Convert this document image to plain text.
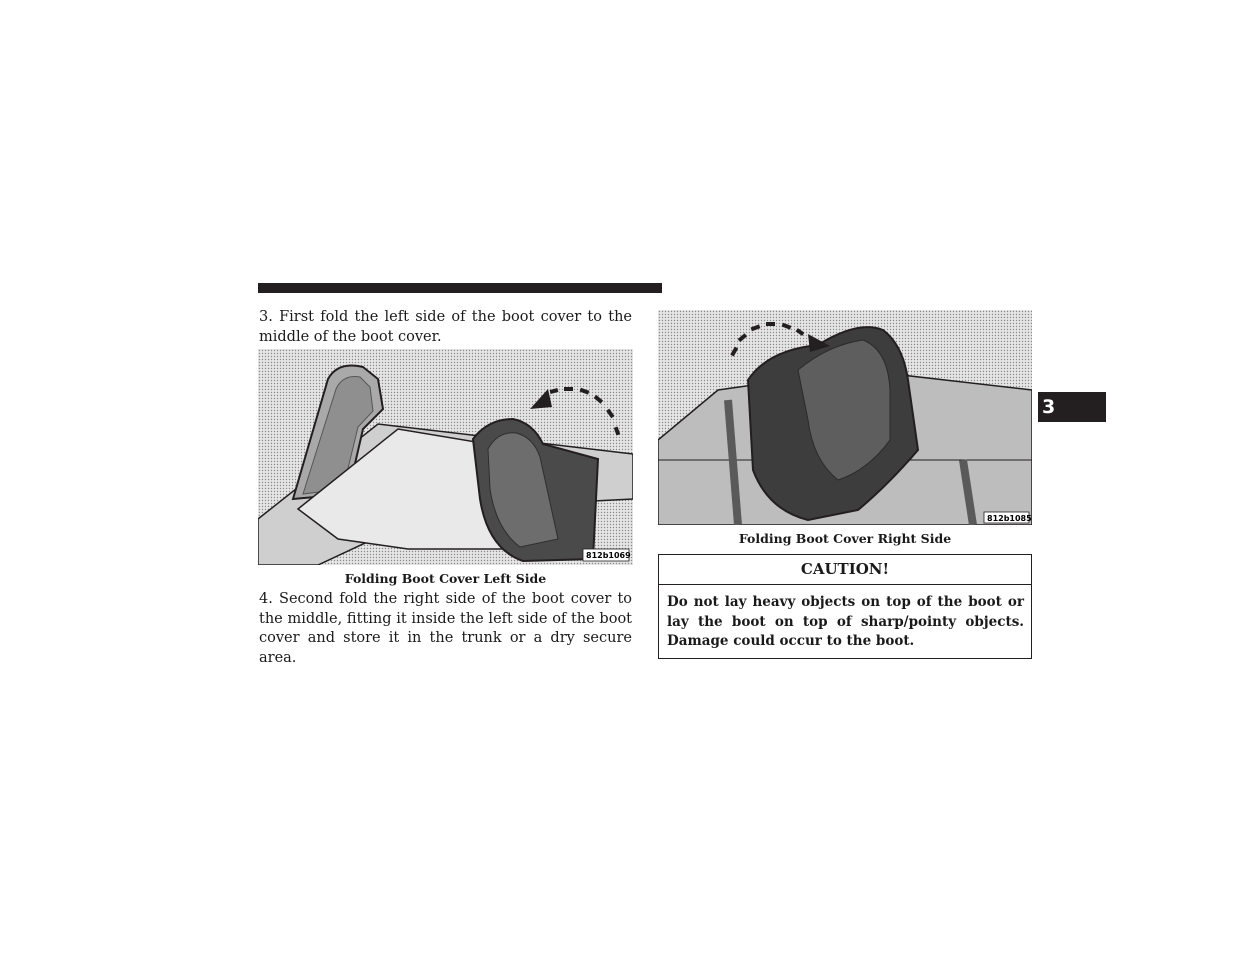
3. First fold the left side of the boot cover to the middle of the boot cover.

812b1069

Folding Boot Cover Left Side

4. Second fold the right side of the boot cover to the middle, fitting it inside the left side of the boot cover and store it in the trunk or a dry secure area.

812b1085

Folding Boot Cover Right Side

CAUTION!

Do not lay heavy objects on top of the boot or lay the boot on top of sharp/pointy objects. Damage could occur to the boot.

3
